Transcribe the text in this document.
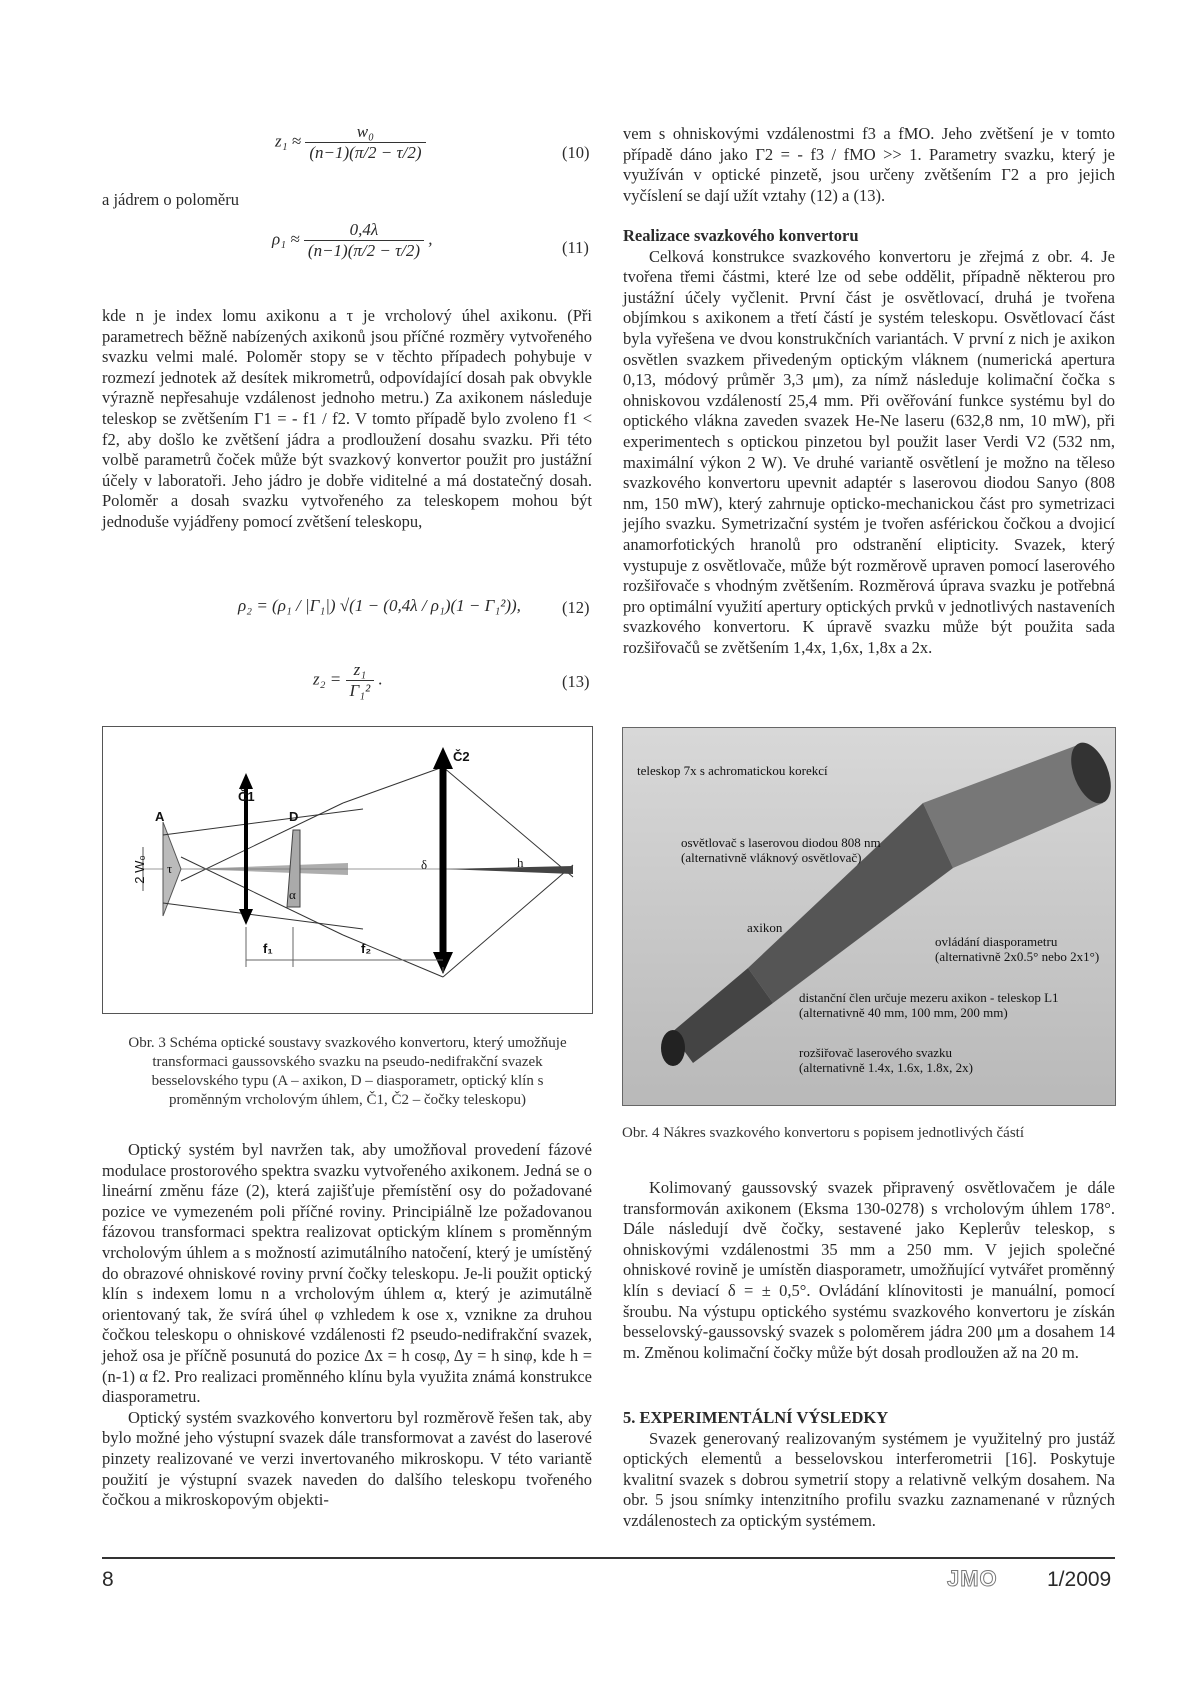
$z_1 \approx \frac{\text{w₀}}{(n-1)(\pi/2 - \tau/2)}$	(10)
a jádrem o poloměru
$\rho_1 \approx \frac{0,4\lambda}{(n-1)(\pi/2 - \tau/2)}$ ,	(11)
kde n je index lomu axikonu a τ je vrcholový úhel axikonu. (Při parametrech běžně nabízených axikonů jsou příčné rozměry vytvořeného svazku velmi malé. Poloměr stopy se v těchto případech pohybuje v rozmezí jednotek až desítek mikrometrů, odpovídající dosah pak obvykle výrazně nepřesahuje vzdálenost jednoho metru.) Za axikonem následuje teleskop se zvětšením Γ1 = - f1 / f2. V tomto případě bylo zvoleno f1 < f2, aby došlo ke zvětšení jádra a prodloužení dosahu svazku. Při této volbě parametrů čoček může být svazkový konvertor použit pro justážní účely v laboratoři. Jeho jádro je dobře viditelné a má dostatečný dosah. Poloměr a dosah svazku vytvořeného za teleskopem mohou být jednoduše vyjádřeny pomocí zvětšení teleskopu,
ρ₂ = (ρ₁ / |Γ₁|) √(1 − (0,4λ / ρ₁)(1 − Γ₁²)), (12)
$z_2 = \frac{\text{z₁}}{\text{Γ₁²}}$ .	(13)
Č1
Č2
A	D
2 W₀ τ
α
δ	h
f₁	f₂
Obr. 3 Schéma optické soustavy svazkového konvertoru, který umožňuje transformaci gaussovského svazku na pseudo-nedifrakční svazek besselovského typu (A – axikon, D – diasporametr, optický klín s proměnným vrcholovým úhlem, Č1, Č2 – čočky teleskopu)

Optický systém byl navržen tak, aby umožňoval provedení fázové modulace prostorového spektra svazku vytvořeného axikonem. Jedná se o lineární změnu fáze (2), která zajišťuje přemístění osy do požadované pozice ve vymezeném poli příčné roviny. Principiálně lze požadovanou fázovou transformaci spektra realizovat optickým klínem s proměnným vrcholovým úhlem a s možností azimutálního natočení, který je umístěný do obrazové ohniskové roviny první čočky teleskopu. Je-li použit optický klín s indexem lomu n a vrcholovým úhlem α, který je azimutálně orientovaný tak, že svírá úhel φ vzhledem k ose x, vznikne za druhou čočkou teleskopu o ohniskové vzdálenosti f2 pseudo-nedifrakční svazek, jehož osa je příčně posunutá do pozice Δx = h cosφ, Δy = h sinφ, kde h = (n-1) α f2. Pro realizaci proměnného klínu byla využita známá konstrukce diasporametru.

Optický systém svazkového konvertoru byl rozměrově řešen tak, aby bylo možné jeho výstupní svazek dále transformovat a zavést do laserové pinzety realizované ve verzi invertovaného mikroskopu. V této variantě použití je výstupní svazek naveden do dalšího teleskopu tvořeného čočkou a mikroskopovým objekti-

vem s ohniskovými vzdálenostmi f3 a fMO. Jeho zvětšení je v tomto případě dáno jako Γ2 = - f3 / fMO >> 1. Parametry svazku, který je využíván v optické pinzetě, jsou určeny zvětšením Γ2 a pro jejich vyčíslení se dají užít vztahy (12) a (13).

Realizace svazkového konvertoru

Celková konstrukce svazkového konvertoru je zřejmá z obr. 4. Je tvořena třemi částmi, které lze od sebe oddělit, případně některou pro justážní účely vyčlenit. První část je osvětlovací, druhá je tvořena objímkou s axikonem a třetí částí je systém teleskopu. Osvětlovací část byla vyřešena ve dvou konstrukčních variantách. V první z nich je axikon osvětlen svazkem přivedeným optickým vláknem (numerická apertura 0,13, módový průměr 3,3 μm), za nímž následuje kolimační čočka s ohniskovou vzdáleností 25,4 mm. Při ověřování funkce systému byl do optického vlákna zaveden svazek He-Ne laseru (632,8 nm, 10 mW), při experimentech s optickou pinzetou byl použit laser Verdi V2 (532 nm, maximální výkon 2 W). Ve druhé variantě osvětlení je možno na těleso svazkového konvertoru upevnit adaptér s laserovou diodou Sanyo (808 nm, 150 mW), který zahrnuje opticko-mechanickou část pro symetrizaci jejího svazku. Symetrizační systém je tvořen asférickou čočkou a dvojicí anamorfotických hranolů pro odstranění elipticity. Svazek, který vystupuje z osvětlovače, může být rozměrově upraven pomocí laserového rozšiřovače s vhodným zvětšením. Rozměrová úprava svazku je potřebná pro optimální využití apertury optických prvků v jednotlivých nastaveních svazkového konvertoru. K úpravě svazku může být použita sada rozšiřovačů se zvětšením 1,4x, 1,6x, 1,8x a 2x.

teleskop 7x s achromatickou korekcí
osvětlovač s laserovou diodou 808 nm
(alternativně vláknový osvětlovač)
axikon
ovládání diasporametru
(alternativně 2x0.5° nebo 2x1°)
distanční člen určuje mezeru axikon - teleskop L1
(alternativně 40 mm, 100 mm, 200 mm)
rozšiřovač laserového svazku
(alternativně 1.4x, 1.6x, 1.8x, 2x)
Obr. 4 Nákres svazkového konvertoru s popisem jednotlivých částí

Kolimovaný gaussovský svazek připravený osvětlovačem je dále transformován axikonem (Eksma 130-0278) s vrcholovým úhlem 178°. Dále následují dvě čočky, sestavené jako Keplerův teleskop, s ohniskovými vzdálenostmi 35 mm a 250 mm. V jejich společné ohniskové rovině je umístěn diasporametr, umožňující vytvářet proměnný klín s deviací δ = ± 0,5°. Ovládání klínovitosti je manuální, pomocí šroubu. Na výstupu optického systému svazkového konvertoru je získán besselovský-gaussovský svazek s poloměrem jádra 200 μm a dosahem 14 m. Změnou kolimační čočky může být dosah prodloužen až na 20 m.

5. EXPERIMENTÁLNÍ VÝSLEDKY

Svazek generovaný realizovaným systémem je využitelný pro justáž optických elementů a besselovskou interferometrii [16]. Poskytuje kvalitní svazek s dobrou symetrií stopy a relativně velkým dosahem. Na obr. 5 jsou snímky intenzitního profilu svazku zaznamenané v různých vzdálenostech za optickým systémem.

8	JMO 1/2009
